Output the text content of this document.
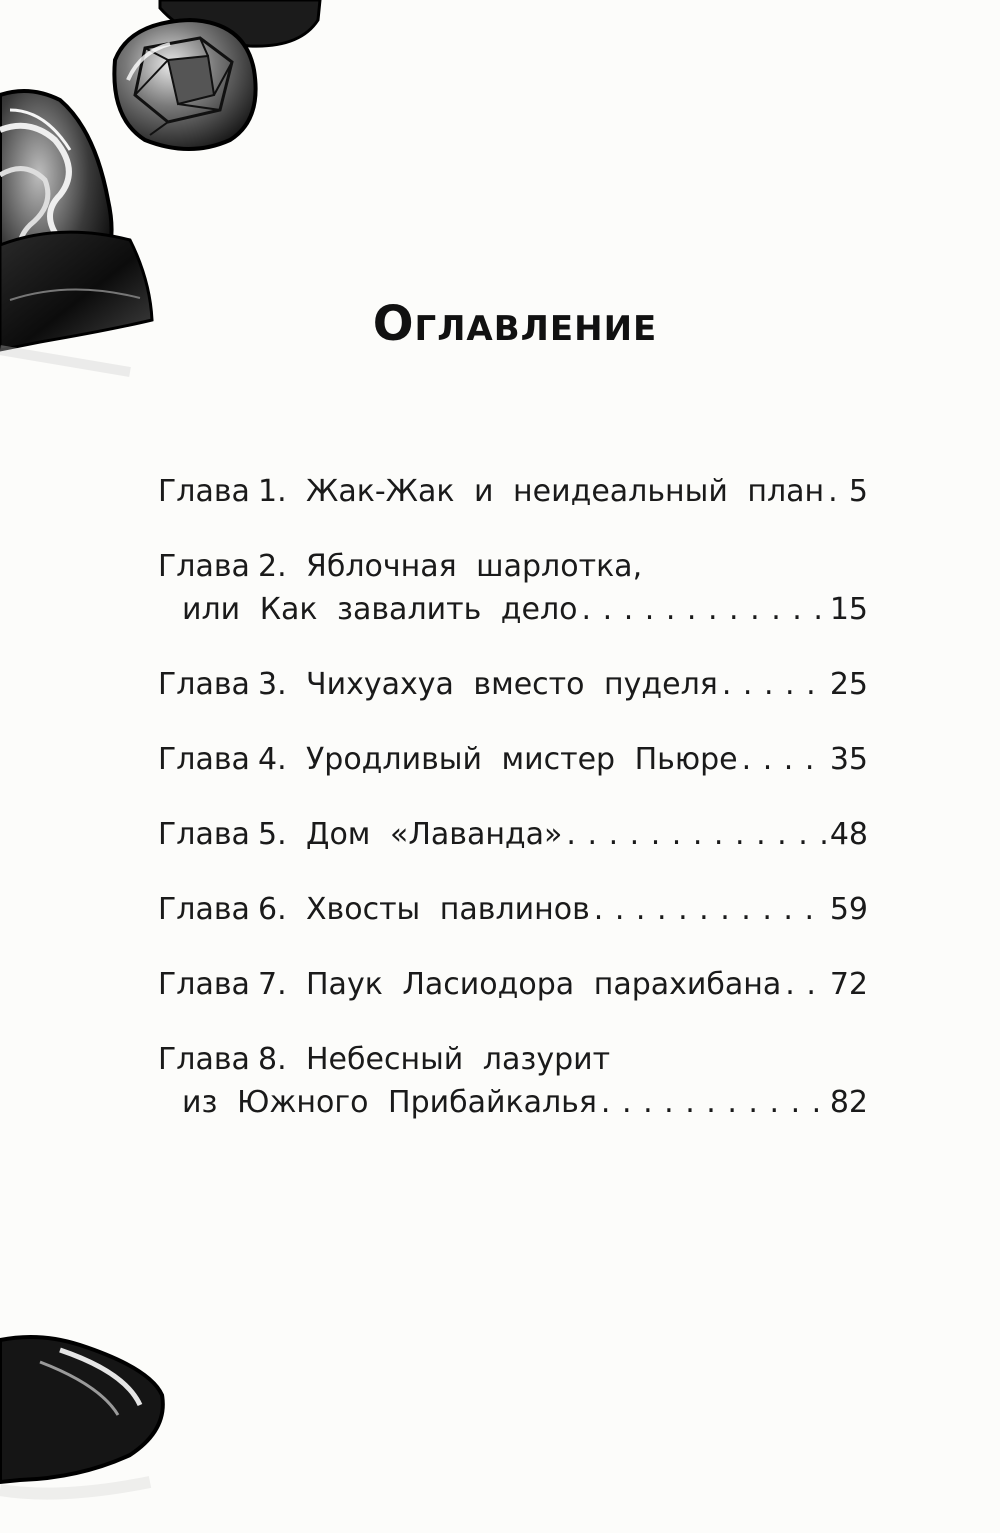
Оглавление
Глава 1. Жак-Жак и неидеальный план . . . 5
Глава 2. Яблочная шарлотка,
или Как завалить дело . . .	15
Глава 3. Чихуахуа вместо пуделя . . .	25
Глава 4. Уродливый мистер Пьюре . . .	35
Глава 5. Дом «Лаванда» . . .	48
Глава 6. Хвосты павлинов . . .	59
Глава 7. Паук Ласиодора парахибана . . . 72
Глава 8. Небесный лазурит
из Южного Прибайкалья . . .	82
